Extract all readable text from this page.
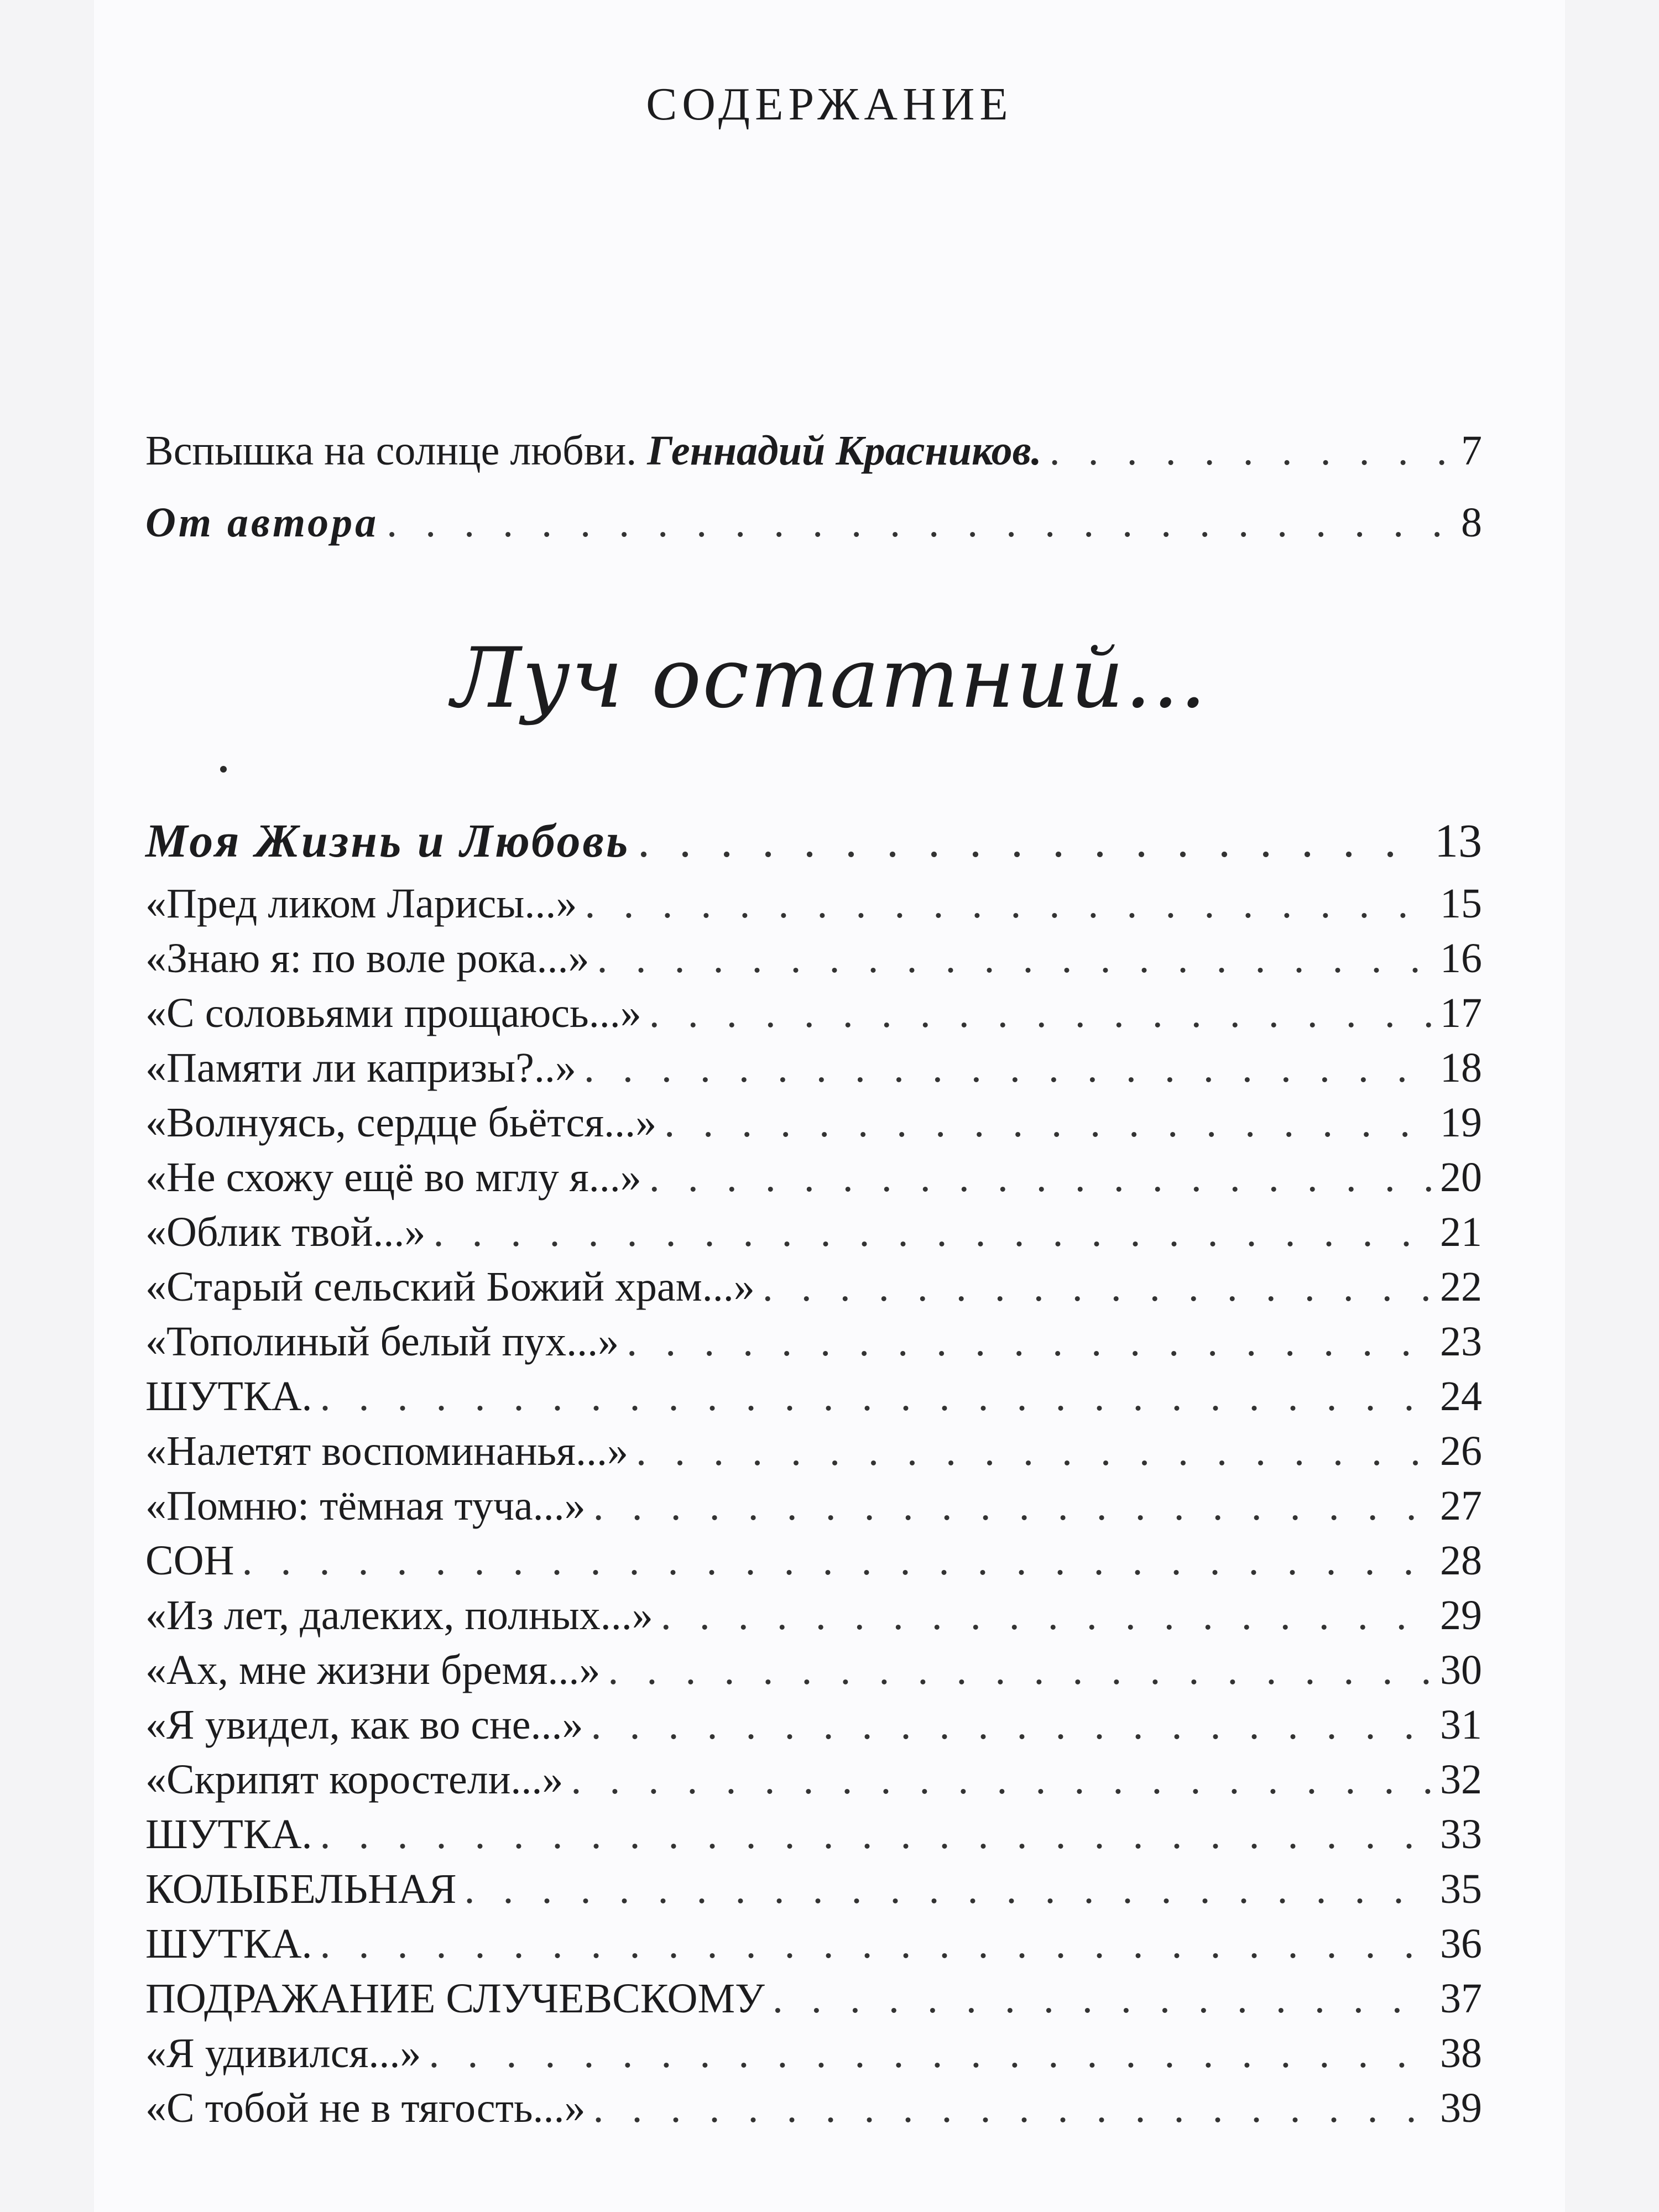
СОДЕРЖАНИЕ
Вспышка на солнце любви. Геннадий Красников. . . .	7
От автора . . .	8
Луч остатний...
Моя Жизнь и Любовь . . .	13
«Пред ликом Ларисы...» . . .	15
«Знаю я: по воле рока...» . . .	16
«С соловьями прощаюсь...» . . .	17
«Памяти ли капризы?..» . . .	18
«Волнуясь, сердце бьётся...» . . .	19
«Не схожу ещё во мглу я...» . . .	20
«Облик твой...» . . .	21
«Старый сельский Божий храм...» . . .	22
«Тополиный белый пух...» . . .	23
ШУТКА. . . .	24
«Налетят воспоминанья...» . . .	26
«Помню: тёмная туча...» . . .	27
СОН . . .	28
«Из лет, далеких, полных...» . . .	29
«Ах, мне жизни бремя...» . . .	30
«Я увидел, как во сне...» . . .	31
«Скрипят коростели...» . . .	32
ШУТКА. . . .	33
КОЛЫБЕЛЬНАЯ . . .	35
ШУТКА. . . .	36
ПОДРАЖАНИЕ СЛУЧЕВСКОМУ . . .	37
«Я удивился...» . . .	38
«С тобой не в тягость...» . . .	39
